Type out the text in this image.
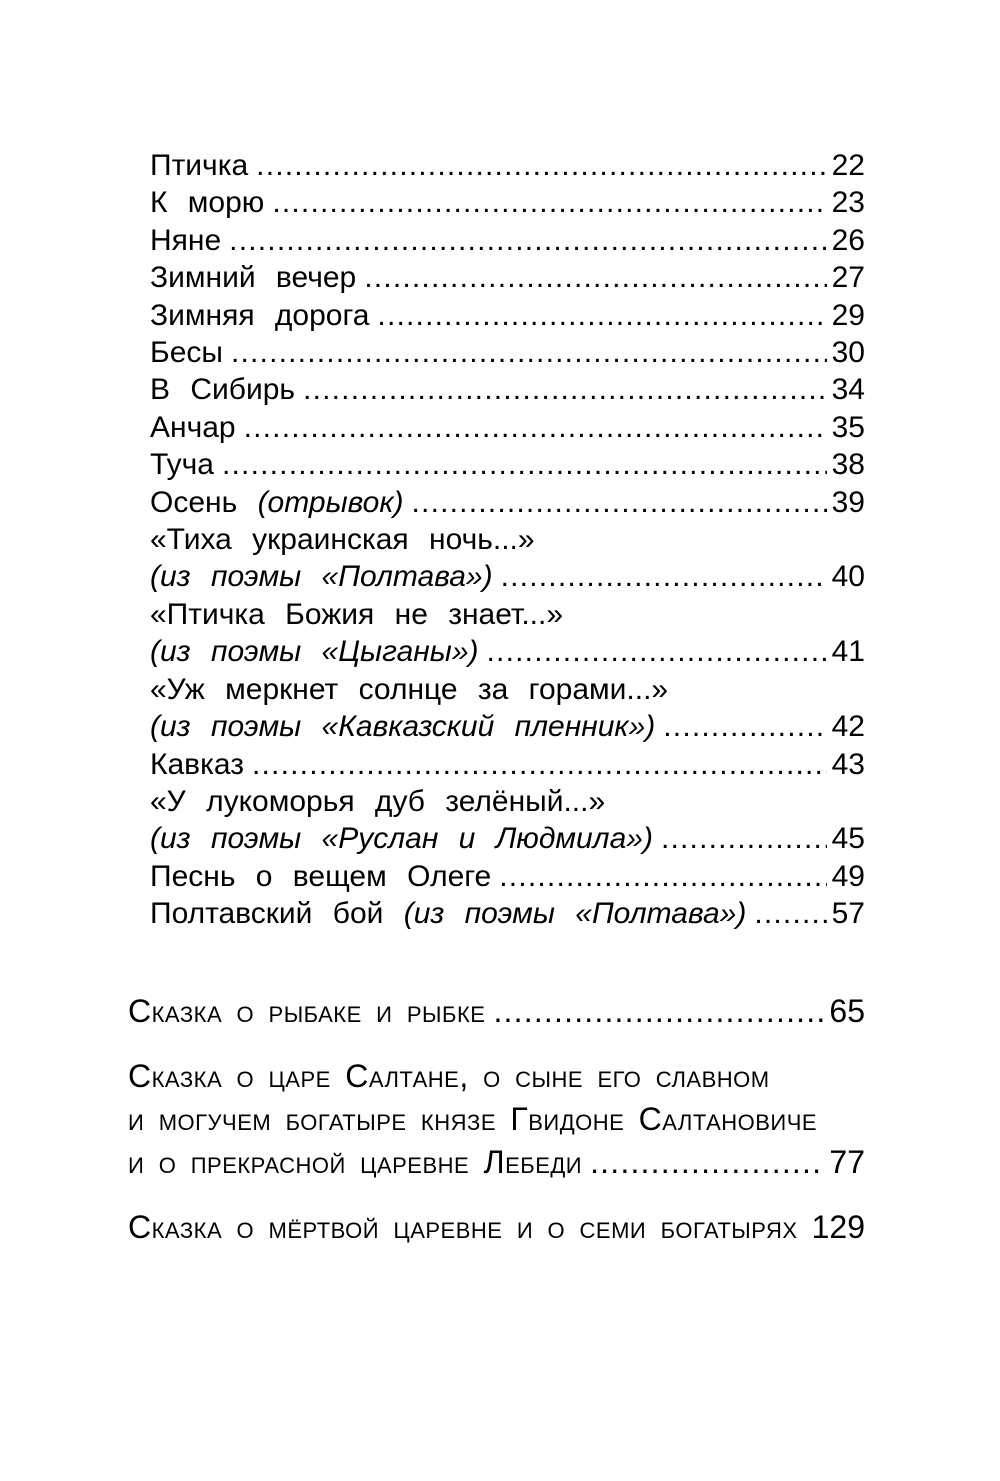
Птичка .....	22
К морю .....	23
Няне .....	26
Зимний вечер .....	27
Зимняя дорога .....	29
Бесы .....	30
В Сибирь .....	34
Анчар .....	35
Туча .....	38
Осень (отрывок) .....	39
«Тиха украинская ночь...»
(из поэмы «Полтава») .....	40
«Птичка Божия не знает...»
(из поэмы «Цыганы») .....	41
«Уж меркнет солнце за горами...»
(из поэмы «Кавказский пленник») .....	42
Кавказ .....	43
«У лукоморья дуб зелёный...»
(из поэмы «Руслан и Людмила») .....	45
Песнь о вещем Олеге .....	49
Полтавский бой (из поэмы «Полтава») .....	57
Сказка о рыбаке и рыбке .....	65
Сказка о царе Салтане, о сыне его славном
и могучем богатыре князе Гвидоне Салтановиче
и о прекрасной царевне Лебеди .....	77
Сказка о мёртвой царевне и о семи богатырях ..... 129
